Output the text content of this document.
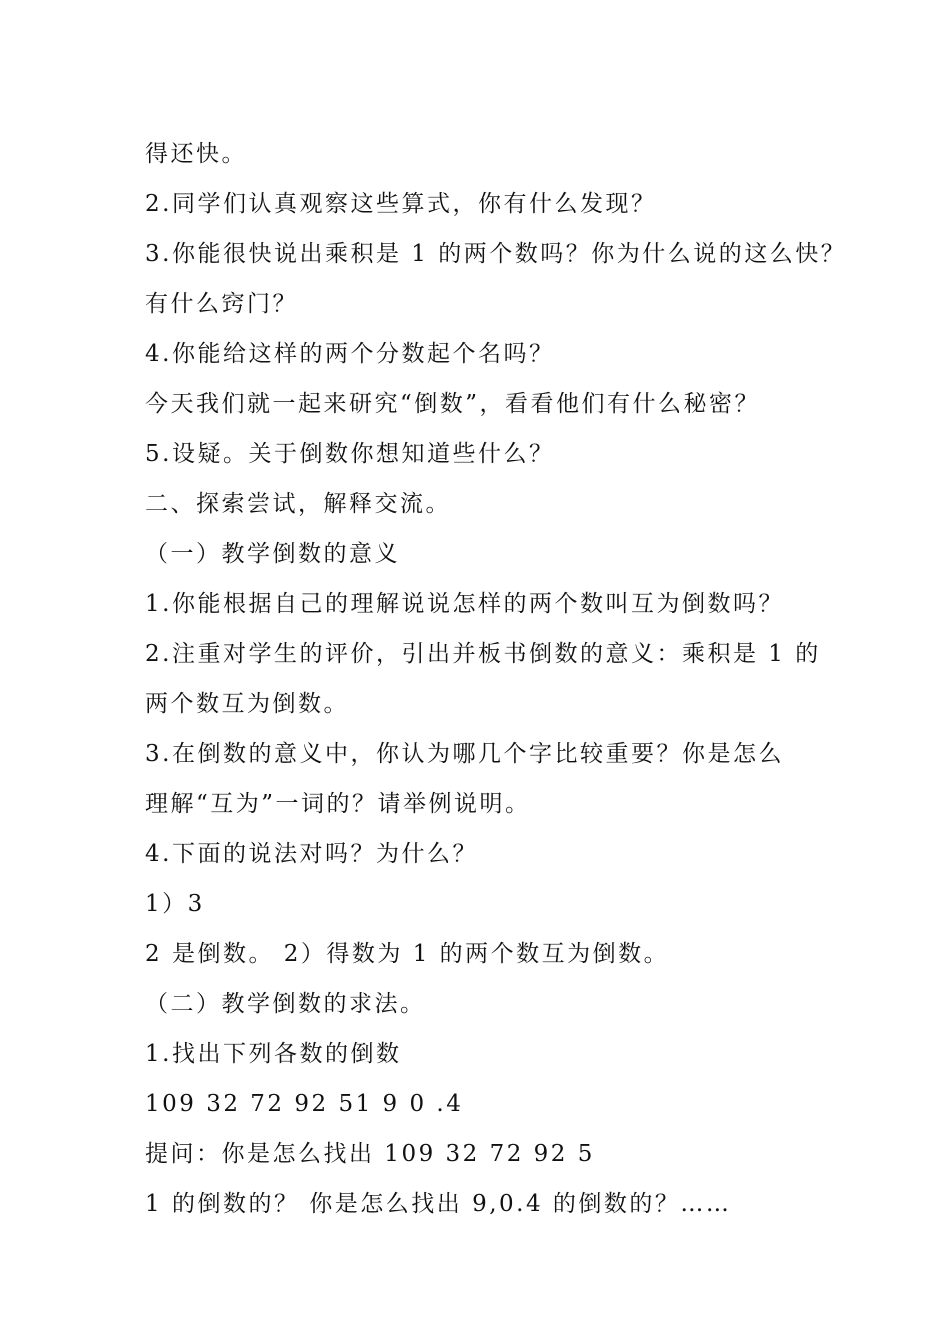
得还快。
2.同学们认真观察这些算式，你有什么发现？
3.你能很快说出乘积是 1 的两个数吗？你为什么说的这么快？
有什么窍门？
4.你能给这样的两个分数起个名吗？
今天我们就一起来研究“倒数”，看看他们有什么秘密？
5.设疑。关于倒数你想知道些什么？
二、探索尝试，解释交流。
（一）教学倒数的意义
1.你能根据自己的理解说说怎样的两个数叫互为倒数吗？
2.注重对学生的评价，引出并板书倒数的意义：乘积是 1 的
两个数互为倒数。
3.在倒数的意义中，你认为哪几个字比较重要？你是怎么
理解“互为”一词的？请举例说明。
4.下面的说法对吗？为什么？
1）3
2 是倒数。 2）得数为 1 的两个数互为倒数。
（二）教学倒数的求法。
1.找出下列各数的倒数
109 32 72 92 51 9 0 .4
提问：你是怎么找出 109 32 72 92 5
1 的倒数的？ 你是怎么找出 9,0.4 的倒数的？……
